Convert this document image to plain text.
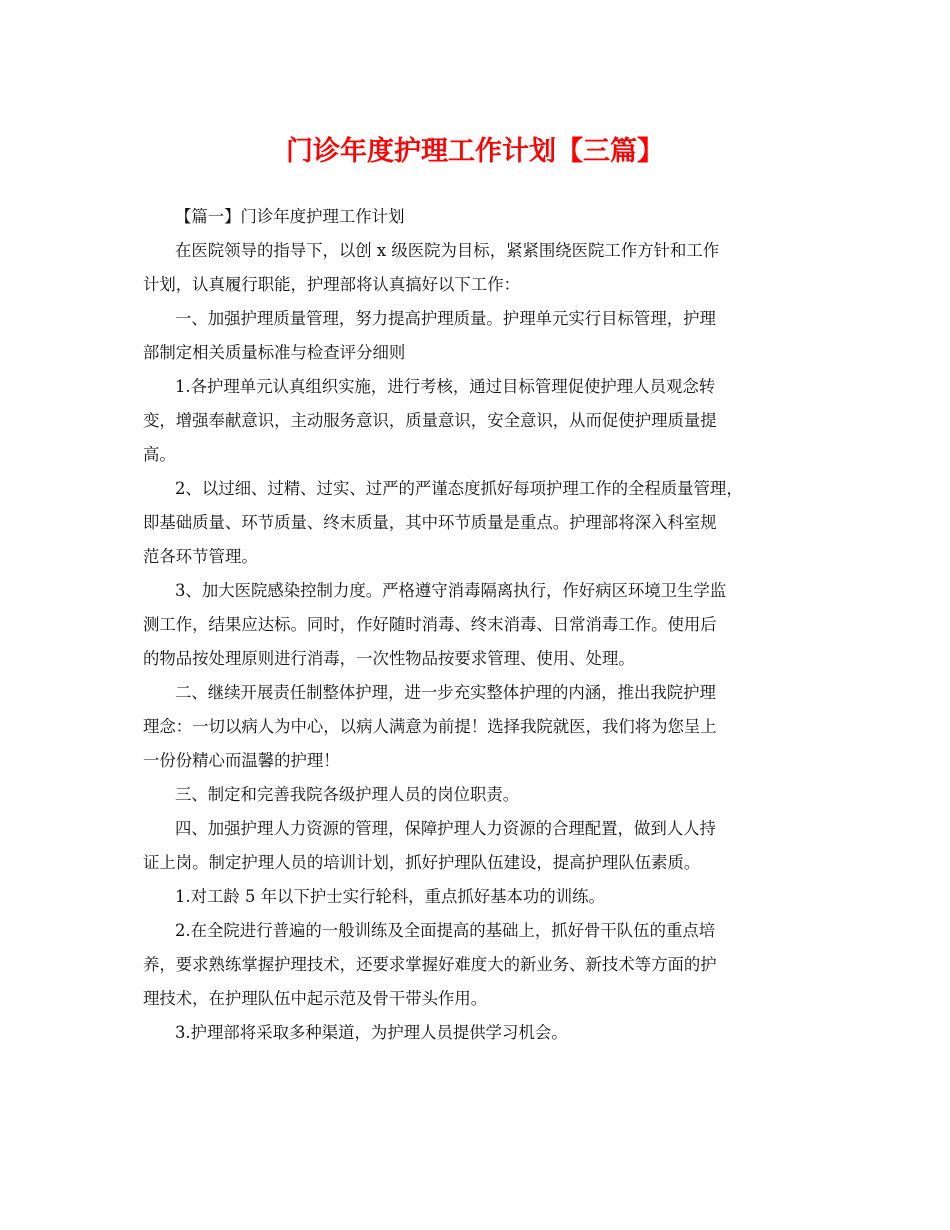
门诊年度护理工作计划【三篇】

【篇一】门诊年度护理工作计划

在医院领导的指导下，以创 x 级医院为目标，紧紧围绕医院工作方针和工作

计划，认真履行职能，护理部将认真搞好以下工作：

一、加强护理质量管理，努力提高护理质量。护理单元实行目标管理，护理

部制定相关质量标准与检查评分细则

1.各护理单元认真组织实施，进行考核，通过目标管理促使护理人员观念转

变，增强奉献意识，主动服务意识，质量意识，安全意识，从而促使护理质量提

高。

2、以过细、过精、过实、过严的严谨态度抓好每项护理工作的全程质量管理，

即基础质量、环节质量、终末质量，其中环节质量是重点。护理部将深入科室规

范各环节管理。

3、加大医院感染控制力度。严格遵守消毒隔离执行，作好病区环境卫生学监

测工作，结果应达标。同时，作好随时消毒、终末消毒、日常消毒工作。使用后

的物品按处理原则进行消毒，一次性物品按要求管理、使用、处理。

二、继续开展责任制整体护理，进一步充实整体护理的内涵，推出我院护理

理念：一切以病人为中心，以病人满意为前提！选择我院就医，我们将为您呈上

一份份精心而温馨的护理！

三、制定和完善我院各级护理人员的岗位职责。

四、加强护理人力资源的管理，保障护理人力资源的合理配置，做到人人持

证上岗。制定护理人员的培训计划，抓好护理队伍建设，提高护理队伍素质。

1.对工龄 5 年以下护士实行轮科，重点抓好基本功的训练。

2.在全院进行普遍的一般训练及全面提高的基础上，抓好骨干队伍的重点培

养，要求熟练掌握护理技术，还要求掌握好难度大的新业务、新技术等方面的护

理技术，在护理队伍中起示范及骨干带头作用。

3.护理部将采取多种渠道，为护理人员提供学习机会。
